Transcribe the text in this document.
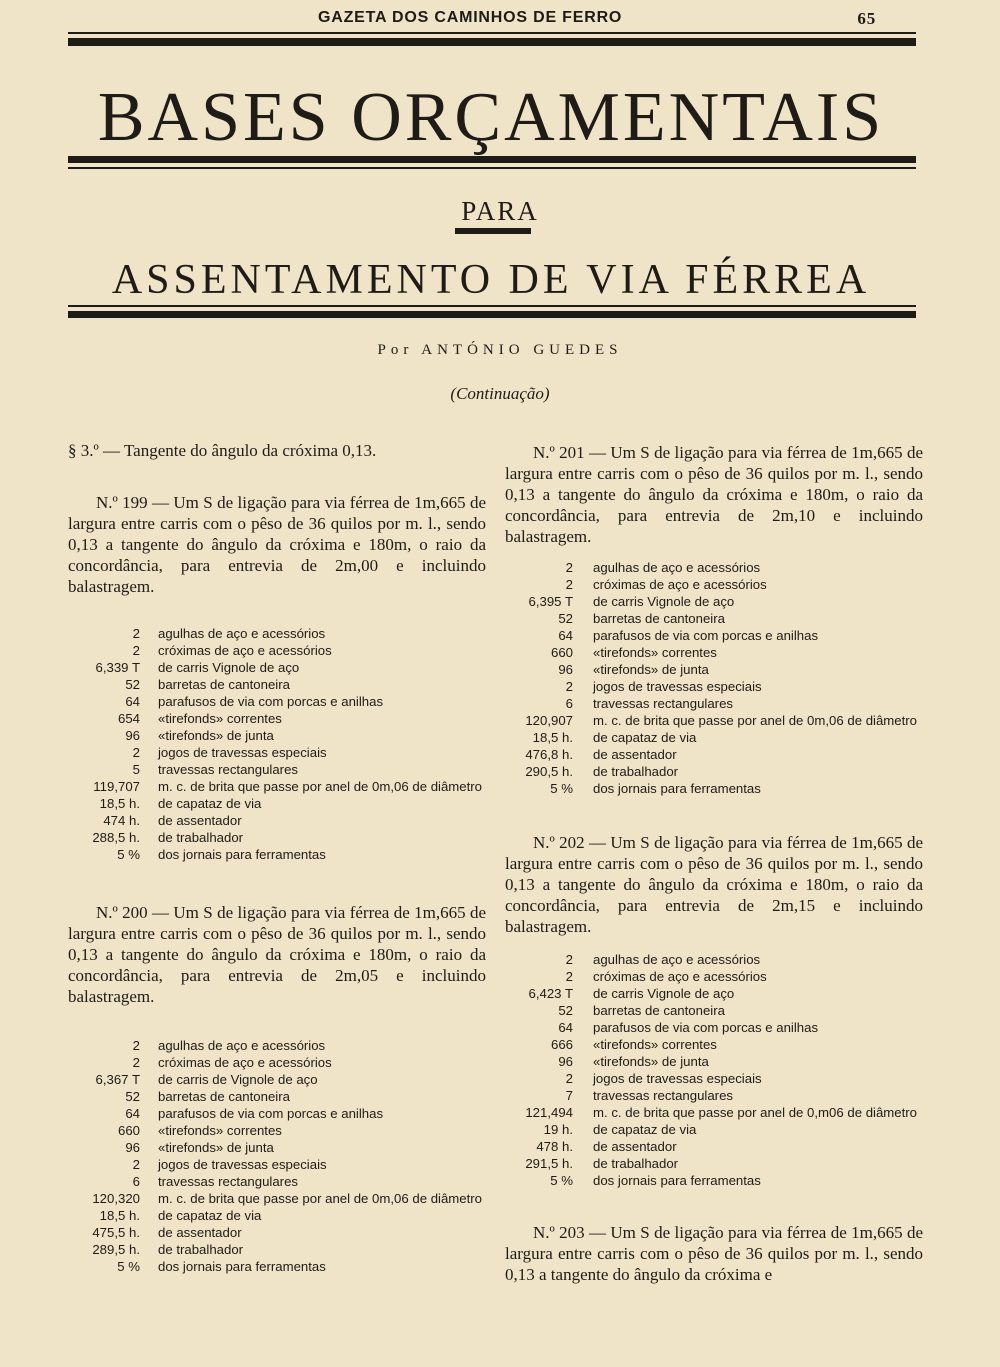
GAZETA DOS CAMINHOS DE FERRO	65
BASES ORÇAMENTAIS
PARA
ASSENTAMENTO DE VIA FÉRREA
Por ANTÓNIO GUEDES
(Continuação)

§ 3.º — Tangente do ângulo da cróxima 0,13.

N.º 199 — Um S de ligação para via férrea de 1m,665 de largura entre carris com o pêso de 36 quilos por m. l., sendo 0,13 a tangente do ângulo da cróxima e 180m, o raio da concordância, para entrevia de 2m,00 e incluindo balastragem.

2 agulhas de aço e acessórios
2 cróximas de aço e acessórios
6,339 T de carris Vignole de aço
52 barretas de cantoneira
64 parafusos de via com porcas e anilhas
654 «tirefonds» correntes
96 «tirefonds» de junta
2 jogos de travessas especiais
5 travessas rectangulares
119,707 m. c. de brita que passe por anel de 0m,06 de diâmetro
18,5 h. de capataz de via
474 h. de assentador
288,5 h. de trabalhador
5 % dos jornais para ferramentas

N.º 200 — Um S de ligação para via férrea de 1m,665 de largura entre carris com o pêso de 36 quilos por m. l., sendo 0,13 a tangente do ângulo da cróxima e 180m, o raio da concordância, para entrevia de 2m,05 e incluindo balastragem.

2 agulhas de aço e acessórios
2 cróximas de aço e acessórios
6,367 T de carris de Vignole de aço
52 barretas de cantoneira
64 parafusos de via com porcas e anilhas
660 «tirefonds» correntes
96 «tirefonds» de junta
2 jogos de travessas especiais
6 travessas rectangulares
120,320 m. c. de brita que passe por anel de 0m,06 de diâmetro
18,5 h. de capataz de via
475,5 h. de assentador
289,5 h. de trabalhador
5 % dos jornais para ferramentas

N.º 201 — Um S de ligação para via férrea de 1m,665 de largura entre carris com o pêso de 36 quilos por m. l., sendo 0,13 a tangente do ângulo da cróxima e 180m, o raio da concordância, para entrevia de 2m,10 e incluindo balastragem.

2 agulhas de aço e acessórios
2 cróximas de aço e acessórios
6,395 T de carris Vignole de aço
52 barretas de cantoneira
64 parafusos de via com porcas e anilhas
660 «tirefonds» correntes
96 «tirefonds» de junta
2 jogos de travessas especiais
6 travessas rectangulares
120,907 m. c. de brita que passe por anel de 0m,06 de diâmetro
18,5 h. de capataz de via
476,8 h. de assentador
290,5 h. de trabalhador
5 % dos jornais para ferramentas

N.º 202 — Um S de ligação para via férrea de 1m,665 de largura entre carris com o pêso de 36 quilos por m. l., sendo 0,13 a tangente do ângulo da cróxima e 180m, o raio da concordância, para entrevia de 2m,15 e incluindo balastragem.

2 agulhas de aço e acessórios
2 cróximas de aço e acessórios
6,423 T de carris Vignole de aço
52 barretas de cantoneira
64 parafusos de via com porcas e anilhas
666 «tirefonds» correntes
96 «tirefonds» de junta
2 jogos de travessas especiais
7 travessas rectangulares
121,494 m. c. de brita que passe por anel de 0,m06 de diâmetro
19 h. de capataz de via
478 h. de assentador
291,5 h. de trabalhador
5 % dos jornais para ferramentas

N.º 203 — Um S de ligação para via férrea de 1m,665 de largura entre carris com o pêso de 36 quilos por m. l., sendo 0,13 a tangente do ângulo da cróxima e
